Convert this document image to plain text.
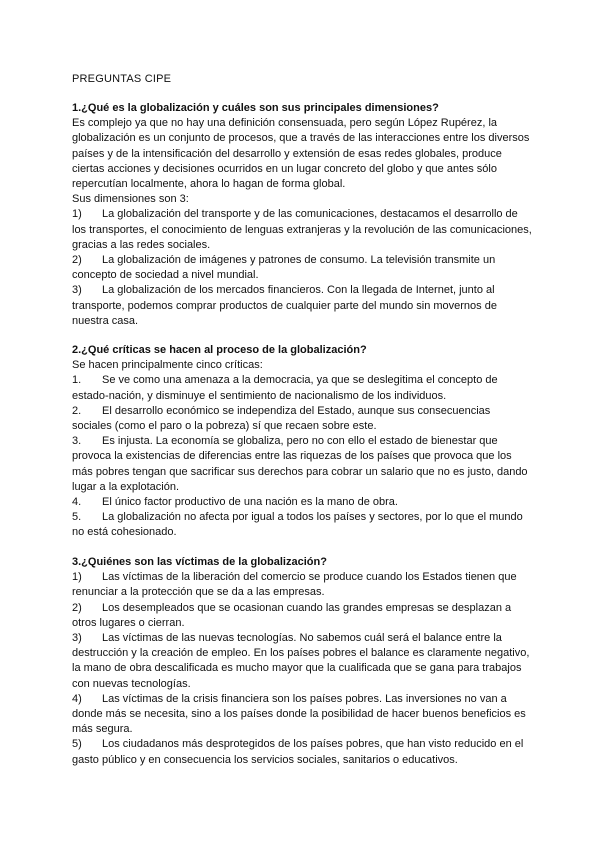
PREGUNTAS CIPE

1.¿Qué es la globalización y cuáles son sus principales dimensiones?

Es complejo ya que no hay una definición consensuada, pero según López Rupérez, la globalización es un conjunto de procesos, que a través de las interacciones entre los diversos países y de la intensificación del desarrollo y extensión de esas redes globales, produce ciertas acciones y decisiones ocurridos en un lugar concreto del globo y que antes sólo repercutían localmente, ahora lo hagan de forma global.

Sus dimensiones son 3:

1) La globalización del transporte y de las comunicaciones, destacamos el desarrollo de los transportes, el conocimiento de lenguas extranjeras y la revolución de las comunicaciones, gracias a las redes sociales.

2) La globalización de imágenes y patrones de consumo. La televisión transmite un concepto de sociedad a nivel mundial.

3) La globalización de los mercados financieros. Con la llegada de Internet, junto al transporte, podemos comprar productos de cualquier parte del mundo sin movernos de nuestra casa.

2.¿Qué críticas se hacen al proceso de la globalización?

Se hacen principalmente cinco críticas:

1. Se ve como una amenaza a la democracia, ya que se deslegitima el concepto de estado-nación, y disminuye el sentimiento de nacionalismo de los individuos.

2. El desarrollo económico se independiza del Estado, aunque sus consecuencias sociales (como el paro o la pobreza) sí que recaen sobre este.

3. Es injusta. La economía se globaliza, pero no con ello el estado de bienestar que provoca la existencias de diferencias entre las riquezas de los países que provoca que los más pobres tengan que sacrificar sus derechos para cobrar un salario que no es justo, dando lugar a la explotación.

4. El único factor productivo de una nación es la mano de obra.

5. La globalización no afecta por igual a todos los países y sectores, por lo que el mundo no está cohesionado.

3.¿Quiénes son las víctimas de la globalización?

1) Las víctimas de la liberación del comercio se produce cuando los Estados tienen que renunciar a la protección que se da a las empresas.

2) Los desempleados que se ocasionan cuando las grandes empresas se desplazan a otros lugares o cierran.

3) Las víctimas de las nuevas tecnologías. No sabemos cuál será el balance entre la destrucción y la creación de empleo. En los países pobres el balance es claramente negativo, la mano de obra descalificada es mucho mayor que la cualificada que se gana para trabajos con nuevas tecnologías.

4) Las víctimas de la crisis financiera son los países pobres. Las inversiones no van a donde más se necesita, sino a los países donde la posibilidad de hacer buenos beneficios es más segura.

5) Los ciudadanos más desprotegidos de los países pobres, que han visto reducido en el gasto público y en consecuencia los servicios sociales, sanitarios o educativos.
